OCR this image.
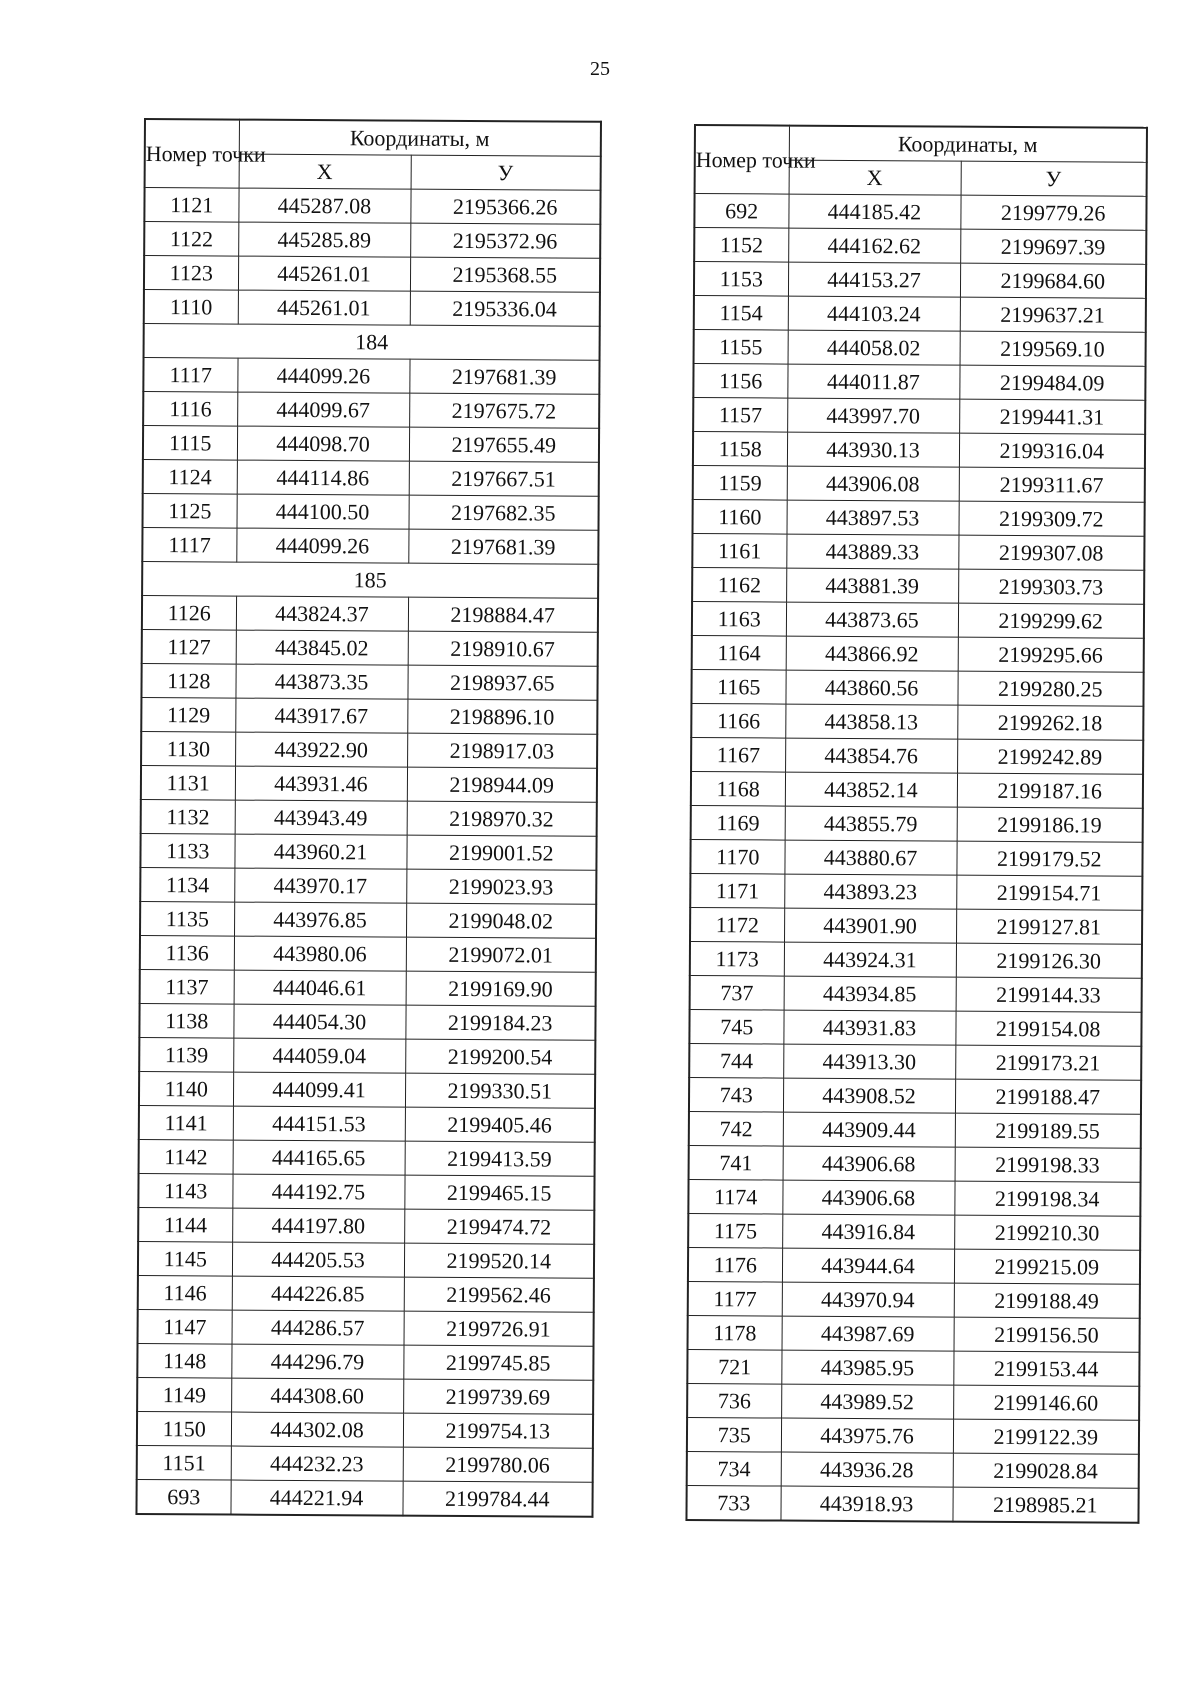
25
Номер точки	Координаты, м	
	X	У
1121	445287.08	2195366.26
1122	445285.89	2195372.96
1123	445261.01	2195368.55
1110	445261.01	2195336.04
184		
1117	444099.26	2197681.39
1116	444099.67	2197675.72
1115	444098.70	2197655.49
1124	444114.86	2197667.51
1125	444100.50	2197682.35
1117	444099.26	2197681.39
185		
1126	443824.37	2198884.47
1127	443845.02	2198910.67
1128	443873.35	2198937.65
1129	443917.67	2198896.10
1130	443922.90	2198917.03
1131	443931.46	2198944.09
1132	443943.49	2198970.32
1133	443960.21	2199001.52
1134	443970.17	2199023.93
1135	443976.85	2199048.02
1136	443980.06	2199072.01
1137	444046.61	2199169.90
1138	444054.30	2199184.23
1139	444059.04	2199200.54
1140	444099.41	2199330.51
1141	444151.53	2199405.46
1142	444165.65	2199413.59
1143	444192.75	2199465.15
1144	444197.80	2199474.72
1145	444205.53	2199520.14
1146	444226.85	2199562.46
1147	444286.57	2199726.91
1148	444296.79	2199745.85
1149	444308.60	2199739.69
1150	444302.08	2199754.13
1151	444232.23	2199780.06
693	444221.94	2199784.44
Номер точки	Координаты, м	
	X	У
692	444185.42	2199779.26
1152	444162.62	2199697.39
1153	444153.27	2199684.60
1154	444103.24	2199637.21
1155	444058.02	2199569.10
1156	444011.87	2199484.09
1157	443997.70	2199441.31
1158	443930.13	2199316.04
1159	443906.08	2199311.67
1160	443897.53	2199309.72
1161	443889.33	2199307.08
1162	443881.39	2199303.73
1163	443873.65	2199299.62
1164	443866.92	2199295.66
1165	443860.56	2199280.25
1166	443858.13	2199262.18
1167	443854.76	2199242.89
1168	443852.14	2199187.16
1169	443855.79	2199186.19
1170	443880.67	2199179.52
1171	443893.23	2199154.71
1172	443901.90	2199127.81
1173	443924.31	2199126.30
737	443934.85	2199144.33
745	443931.83	2199154.08
744	443913.30	2199173.21
743	443908.52	2199188.47
742	443909.44	2199189.55
741	443906.68	2199198.33
1174	443906.68	2199198.34
1175	443916.84	2199210.30
1176	443944.64	2199215.09
1177	443970.94	2199188.49
1178	443987.69	2199156.50
721	443985.95	2199153.44
736	443989.52	2199146.60
735	443975.76	2199122.39
734	443936.28	2199028.84
733	443918.93	2198985.21
